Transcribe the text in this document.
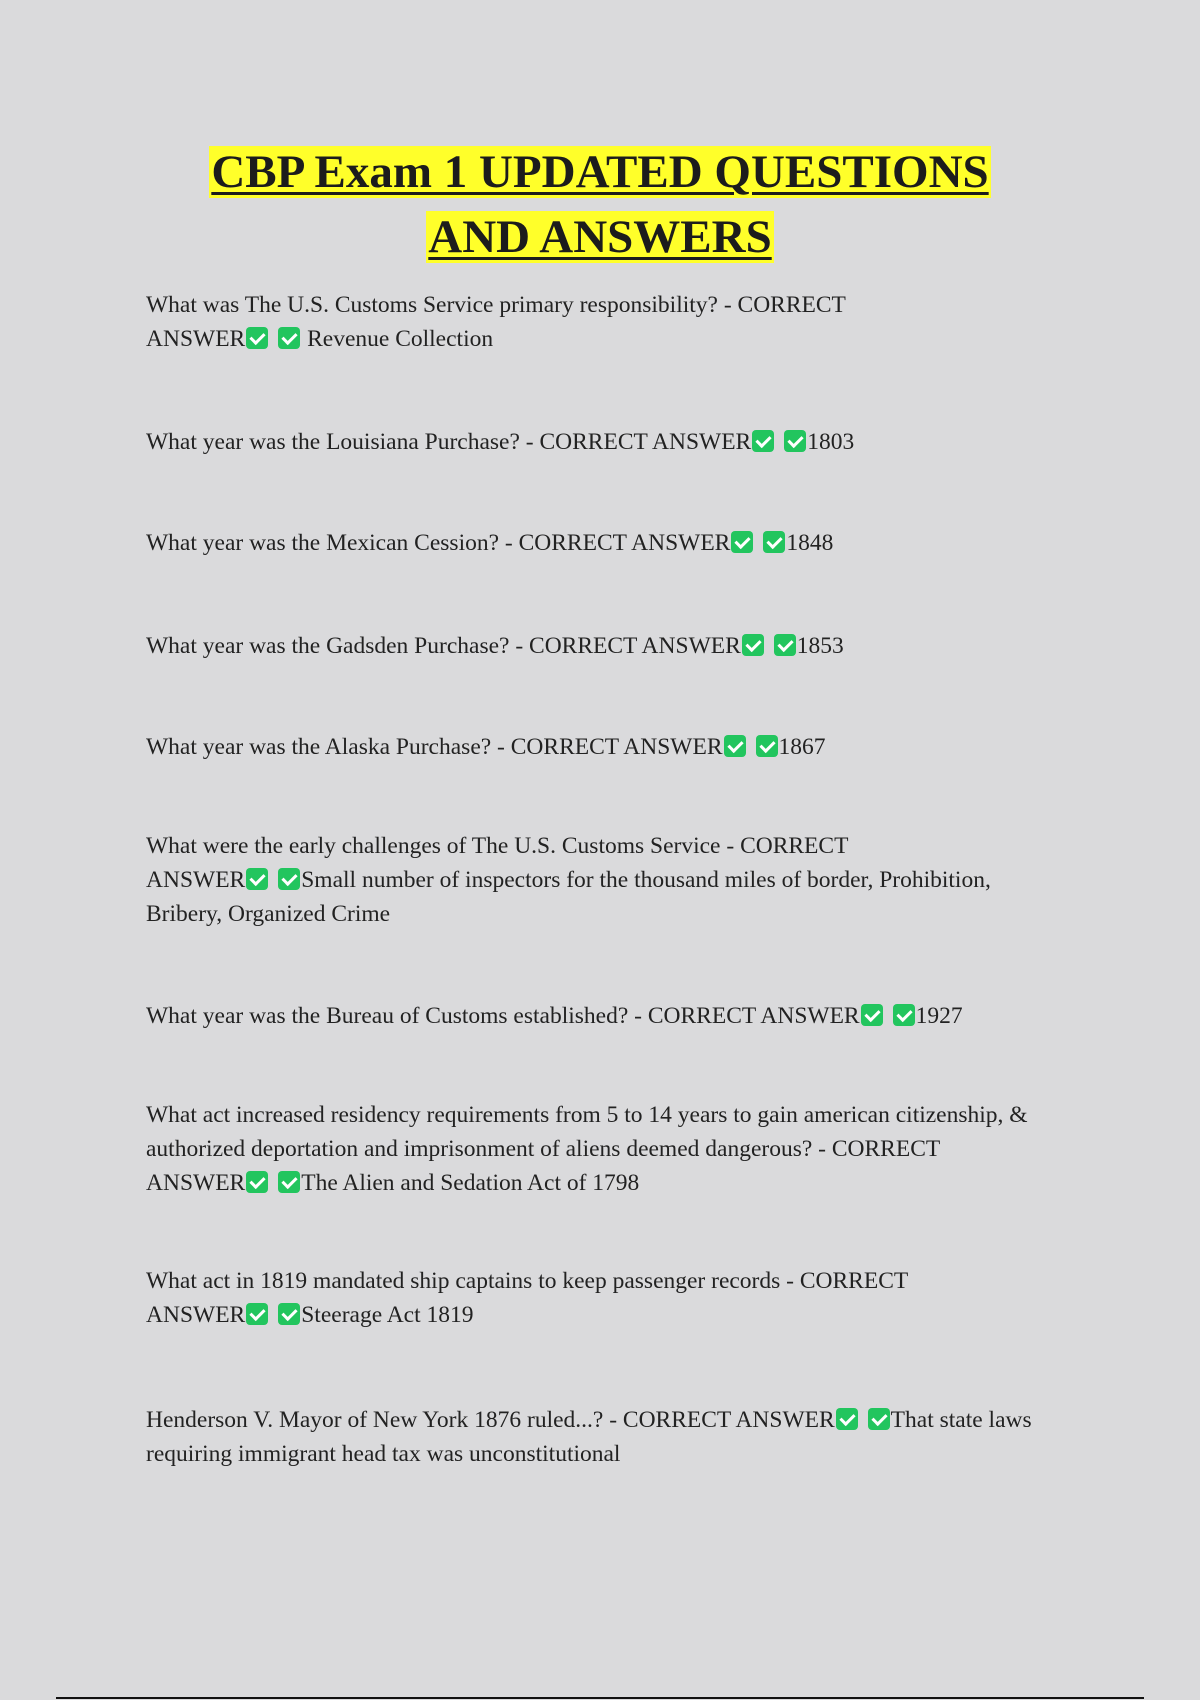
CBP Exam 1 UPDATED QUESTIONS
AND ANSWERS

What was The U.S. Customs Service primary responsibility? - CORRECT
ANSWER	Revenue Collection

What year was the Louisiana Purchase? - CORRECT ANSWER 1803

What year was the Mexican Cession? - CORRECT ANSWER 1848

What year was the Gadsden Purchase? - CORRECT ANSWER 1853

What year was the Alaska Purchase? - CORRECT ANSWER 1867

What were the early challenges of The U.S. Customs Service - CORRECT
ANSWER Small number of inspectors for the thousand miles of border, Prohibition, Bribery, Organized Crime

What year was the Bureau of Customs established? - CORRECT ANSWER 1927

What act increased residency requirements from 5 to 14 years to gain american citizenship, & authorized deportation and imprisonment of aliens deemed dangerous? - CORRECT
ANSWER The Alien and Sedation Act of 1798

What act in 1819 mandated ship captains to keep passenger records - CORRECT
ANSWER Steerage Act 1819

Henderson V. Mayor of New York 1876 ruled...? - CORRECT ANSWER That state laws requiring immigrant head tax was unconstitutional
